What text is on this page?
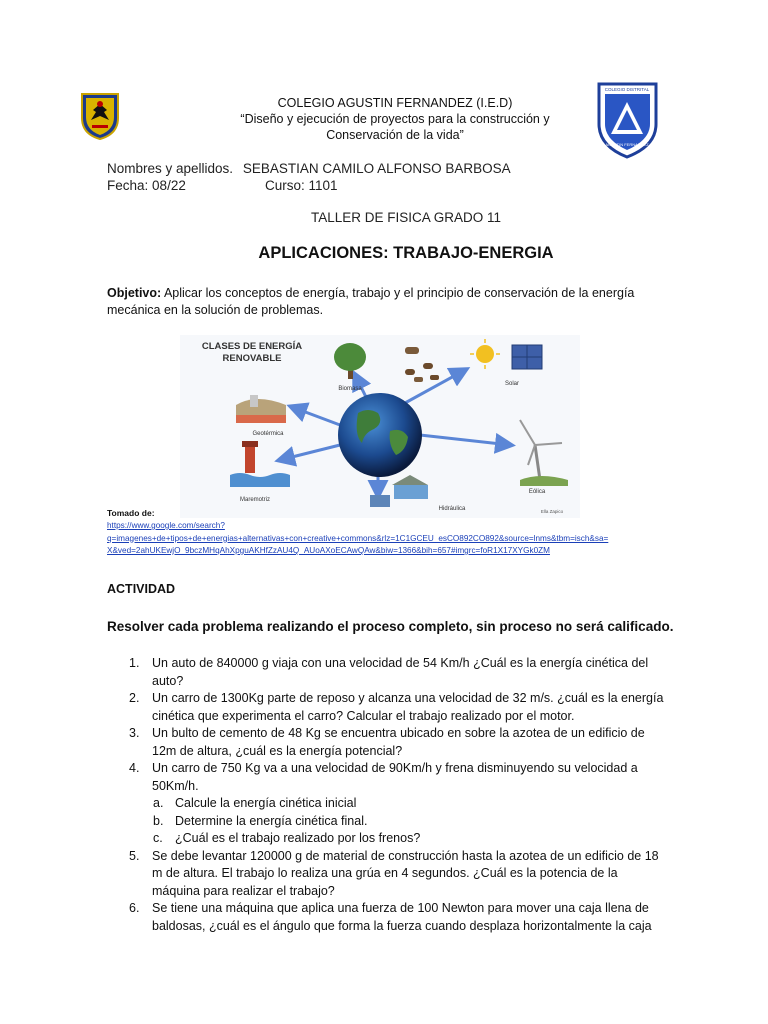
COLEGIO AGUSTIN FERNANDEZ (I.E.D)
“Diseño y ejecución de proyectos para la construcción y
Conservación de la vida”
COLEGIO DISTRITAL
AGUSTIN FERNANDEZ
Nombres y apellidos. SEBASTIAN CAMILO ALFONSO BARBOSA
Fecha: 08/22	Curso: 1101
TALLER DE FISICA GRADO 11
APLICACIONES: TRABAJO-ENERGIA
Objetivo: Aplicar los conceptos de energía, trabajo y el principio de conservación de la energía mecánica en la solución de problemas.
CLASES DE ENERGÍA
RENOVABLE
Biomasa
Solar
Geotérmica
Eólica
Maremotriz
Hidráulica	Ella Zapico
Tomado de:
https://www.google.com/search?
q=imagenes+de+tipos+de+energias+alternativas+con+creative+commons&rlz=1C1GCEU_esCO892CO892&source=lnms&tbm=isch&sa=
X&ved=2ahUKEwjO_9bczMHqAhXpguAKHfZzAU4Q_AUoAXoECAwQAw&biw=1366&bih=657#imgrc=foR1X17XYGk0ZM
ACTIVIDAD
Resolver cada problema realizando el proceso completo, sin proceso no será calificado.
1. Un auto de 840000 g viaja con una velocidad de 54 Km/h ¿Cuál es la energía cinética del auto?
2. Un carro de 1300Kg parte de reposo y alcanza una velocidad de 32 m/s. ¿cuál es la energía cinética que experimenta el carro? Calcular el trabajo realizado por el motor.
3. Un bulto de cemento de 48 Kg se encuentra ubicado en sobre la azotea de un edificio de 12m de altura, ¿cuál es la energía potencial?
4. Un carro de 750 Kg va a una velocidad de 90Km/h y frena disminuyendo su velocidad a 50Km/h.
a. Calcule la energía cinética inicial
b. Determine la energía cinética final.
c. ¿Cuál es el trabajo realizado por los frenos?
5. Se debe levantar 120000 g de material de construcción hasta la azotea de un edificio de 18 m de altura. El trabajo lo realiza una grúa en 4 segundos. ¿Cuál es la potencia de la máquina para realizar el trabajo?
6. Se tiene una máquina que aplica una fuerza de 100 Newton para mover una caja llena de baldosas, ¿cuál es el ángulo que forma la fuerza cuando desplaza horizontalmente la caja
